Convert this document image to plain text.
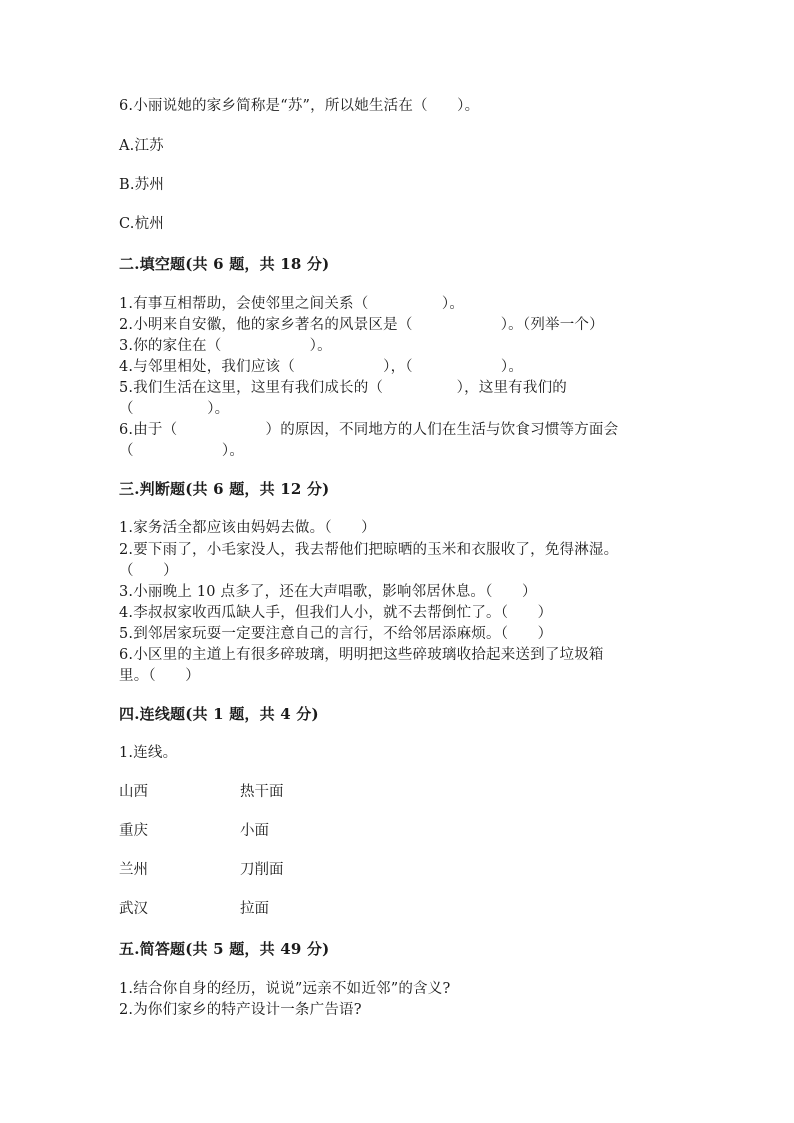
6.小丽说她的家乡简称是“苏”，所以她生活在（　　）。
A.江苏
B.苏州
C.杭州
二.填空题(共 6 题，共 18 分)
1.有事互相帮助，会使邻里之间关系（　　　　　）。
2.小明来自安徽，他的家乡著名的风景区是（　　　　　　）。（列举一个）
3.你的家住在（　　　　　　）。
4.与邻里相处，我们应该（　　　　　　），（　　　　　　）。
5.我们生活在这里，这里有我们成长的（　　　　　），这里有我们的
（　　　　　）。
6.由于（　　　　　　）的原因，不同地方的人们在生活与饮食习惯等方面会
（　　　　　　）。
三.判断题(共 6 题，共 12 分)
1.家务活全都应该由妈妈去做。（　　）
2.要下雨了，小毛家没人，我去帮他们把晾晒的玉米和衣服收了，免得淋湿。
（　　）
3.小丽晚上 10 点多了，还在大声唱歌，影响邻居休息。（　　）
4.李叔叔家收西瓜缺人手，但我们人小，就不去帮倒忙了。（　　）
5.到邻居家玩耍一定要注意自己的言行，不给邻居添麻烦。（　　）
6.小区里的主道上有很多碎玻璃，明明把这些碎玻璃收拾起来送到了垃圾箱
里。（　　）
四.连线题(共 1 题，共 4 分)
1.连线。
山西	热干面
重庆	小面
兰州	刀削面
武汉	拉面
五.简答题(共 5 题，共 49 分)
1.结合你自身的经历，说说”远亲不如近邻”的含义?
2.为你们家乡的特产设计一条广告语?
